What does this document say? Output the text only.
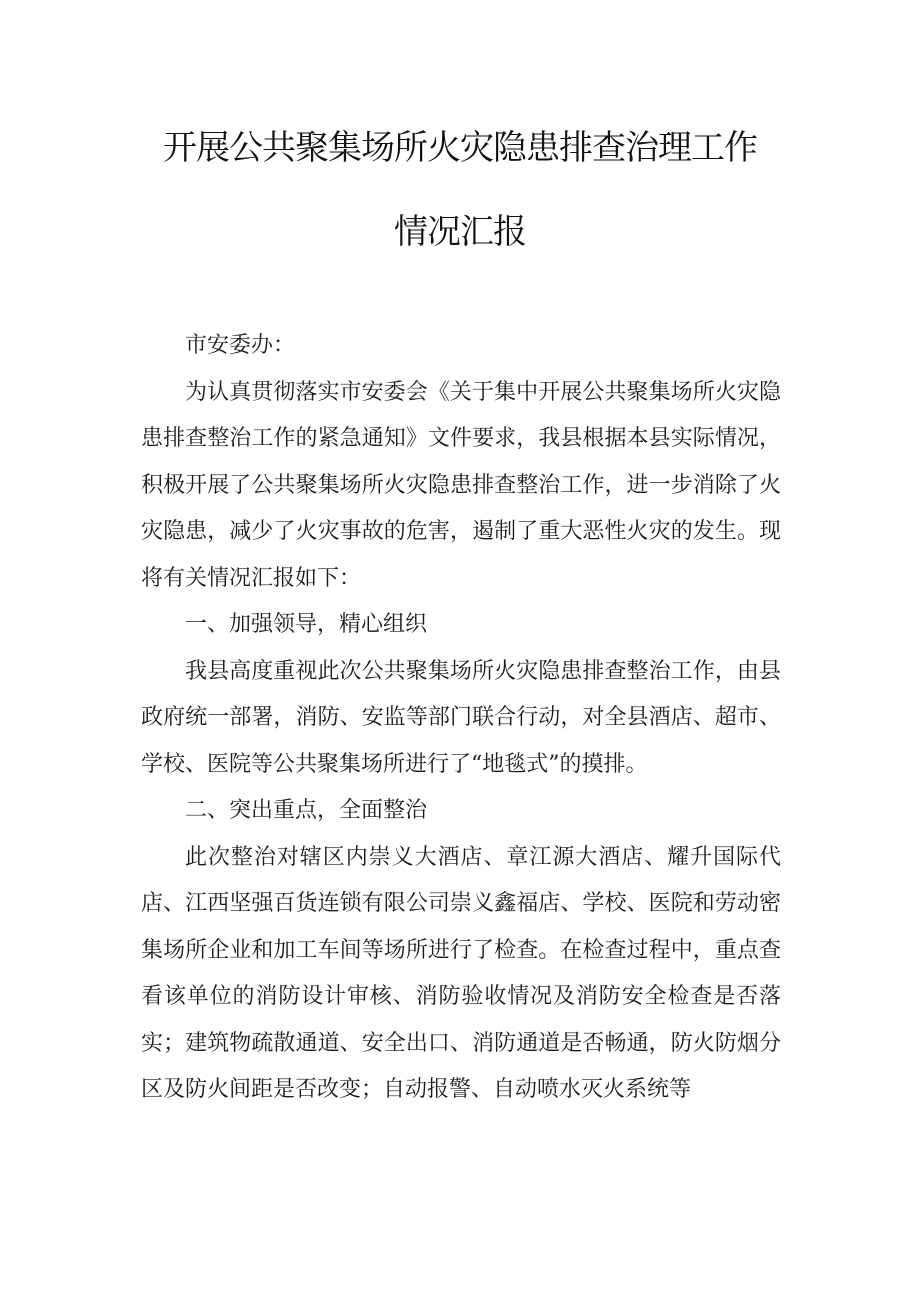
开展公共聚集场所火灾隐患排查治理工作
情况汇报

市安委办：

为认真贯彻落实市安委会《关于集中开展公共聚集场所火灾隐患排查整治工作的紧急通知》文件要求，我县根据本县实际情况，积极开展了公共聚集场所火灾隐患排查整治工作，进一步消除了火灾隐患，减少了火灾事故的危害，遏制了重大恶性火灾的发生。现将有关情况汇报如下：

一、加强领导，精心组织

我县高度重视此次公共聚集场所火灾隐患排查整治工作，由县政府统一部署，消防、安监等部门联合行动，对全县酒店、超市、学校、医院等公共聚集场所进行了“地毯式”的摸排。

二、突出重点，全面整治

此次整治对辖区内崇义大酒店、章江源大酒店、耀升国际代店、江西坚强百货连锁有限公司崇义鑫福店、学校、医院和劳动密集场所企业和加工车间等场所进行了检查。在检查过程中，重点查看该单位的消防设计审核、消防验收情况及消防安全检查是否落实；建筑物疏散通道、安全出口、消防通道是否畅通，防火防烟分区及防火间距是否改变；自动报警、自动喷水灭火系统等
